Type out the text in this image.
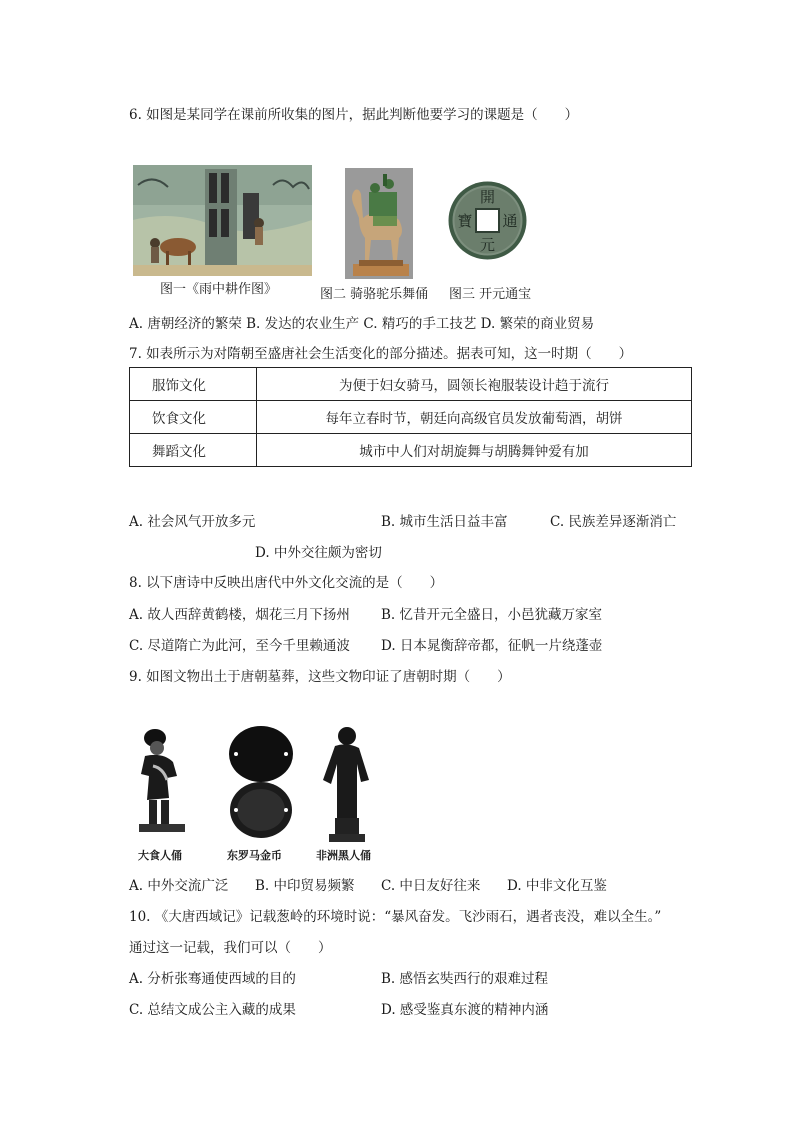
6. 如图是某同学在课前所收集的图片，据此判断他要学习的课题是（　　）
開
元
通
寶
图一《雨中耕作图》	图二 骑骆驼乐舞俑 图三 开元通宝
A. 唐朝经济的繁荣 B. 发达的农业生产 C. 精巧的手工技艺 D. 繁荣的商业贸易
7. 如表所示为对隋朝至盛唐社会生活变化的部分描述。据表可知，这一时期（　　）
服饰文化	为便于妇女骑马，圆领长袍服装设计趋于流行
饮食文化	每年立春时节，朝廷向高级官员发放葡萄酒，胡饼
舞蹈文化	城市中人们对胡旋舞与胡腾舞钟爱有加
A. 社会风气开放多元	B. 城市生活日益丰富	C. 民族差异逐渐消亡
D. 中外交往颇为密切
8. 以下唐诗中反映出唐代中外文化交流的是（　　）
A. 故人西辞黄鹤楼，烟花三月下扬州 B. 忆昔开元全盛日，小邑犹藏万家室
C. 尽道隋亡为此河，至今千里赖通波 D. 日本晁衡辞帝都，征帆一片绕蓬壶
9. 如图文物出土于唐朝墓葬，这些文物印证了唐朝时期（　　）
大食人俑	东罗马金币	非洲黑人俑
A. 中外交流广泛 B. 中印贸易频繁 C. 中日友好往来 D. 中非文化互鉴
10. 《大唐西域记》记载葱岭的环境时说：“暴风奋发。飞沙雨石，遇者丧没，难以全生。”
通过这一记载，我们可以（　　）
A. 分析张骞通使西域的目的	B. 感悟玄奘西行的艰难过程
C. 总结文成公主入藏的成果	D. 感受鉴真东渡的精神内涵
